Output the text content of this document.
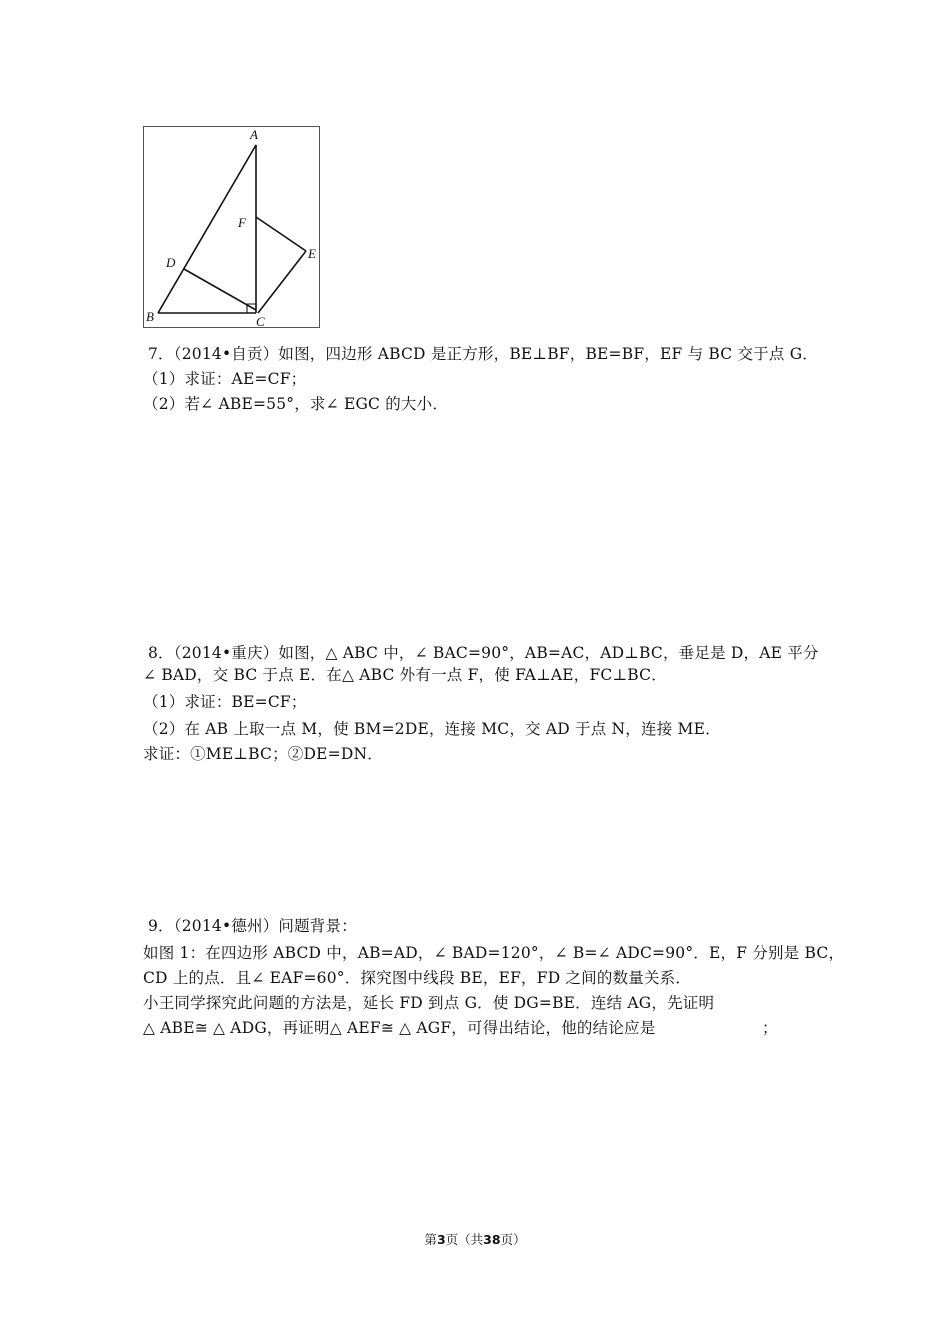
A
B	C
D
E
F
7．（2014•自贡）如图，四边形 ABCD 是正方形，BE⊥BF，BE=BF，EF 与 BC 交于点 G．
（1）求证：AE=CF；
（2）若∠ ABE=55°，求∠ EGC 的大小．
8．（2014•重庆）如图，△ ABC 中，∠ BAC=90°，AB=AC，AD⊥BC，垂足是 D，AE 平分
∠ BAD，交 BC 于点 E．在△ ABC 外有一点 F，使 FA⊥AE，FC⊥BC．
（1）求证：BE=CF；
（2）在 AB 上取一点 M，使 BM=2DE，连接 MC，交 AD 于点 N，连接 ME．
求证：①ME⊥BC；②DE=DN．
9．（2014•德州）问题背景：
如图 1：在四边形 ABCD 中，AB=AD，∠ BAD=120°，∠ B=∠ ADC=90°．E，F 分别是 BC，
CD 上的点．且∠ EAF=60°．探究图中线段 BE，EF，FD 之间的数量关系．
小王同学探究此问题的方法是，延长 FD 到点 G．使 DG=BE．连结 AG，先证明
△ ABE≅ △ ADG，再证明△ AEF≅ △ AGF，可得出结论，他的结论应是	；
第3页（共38页）
